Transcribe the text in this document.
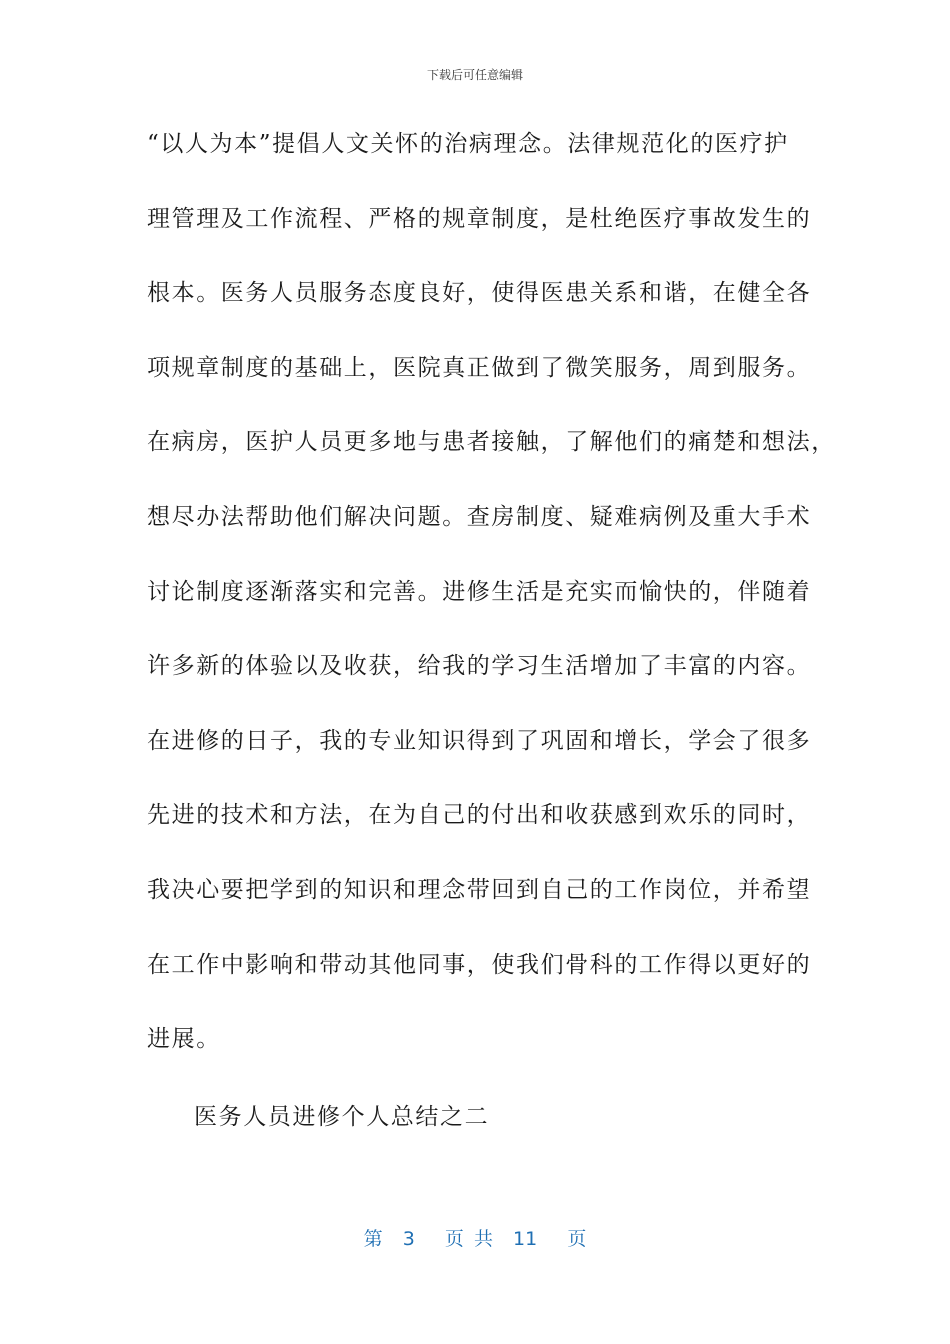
下载后可任意编辑
“以人为本”提倡人文关怀的治病理念。法律规范化的医疗护
理管理及工作流程、严格的规章制度，是杜绝医疗事故发生的
根本。医务人员服务态度良好，使得医患关系和谐，在健全各
项规章制度的基础上，医院真正做到了微笑服务，周到服务。
在病房，医护人员更多地与患者接触，了解他们的痛楚和想法，
想尽办法帮助他们解决问题。查房制度、疑难病例及重大手术
讨论制度逐渐落实和完善。进修生活是充实而愉快的，伴随着
许多新的体验以及收获，给我的学习生活增加了丰富的内容。
在进修的日子，我的专业知识得到了巩固和增长，学会了很多
先进的技术和方法，在为自己的付出和收获感到欢乐的同时，
我决心要把学到的知识和理念带回到自己的工作岗位，并希望
在工作中影响和带动其他同事，使我们骨科的工作得以更好的
进展。
医务人员进修个人总结之二
第  3   页 共  11   页
